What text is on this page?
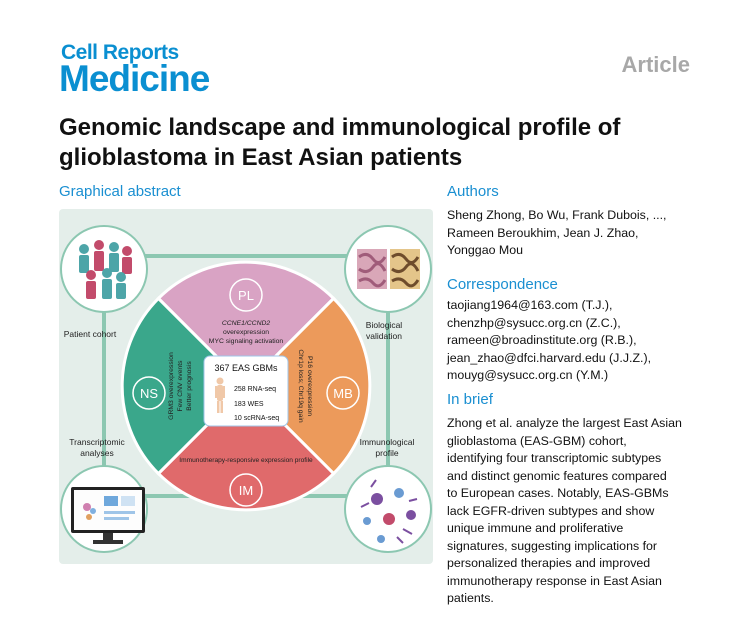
Cell Reports
Medicine	Article
Genomic landscape and immunological profile of glioblastoma in East Asian patients
Graphical abstract
Patient cohort
Biological
validation
Transcriptomic
analyses
Immunological
profile
PL
MB
IM
NS
CCNE1/CCND2
overexpression
MYC signaling activation
P16 overexpression
Chr1p loss; Chr19q gain
Immunotherapy-responsive expression profile
GRM3 overexpression Few CNV events Better prognosis 367 EAS GBMs
258 RNA-seq
183 WES
10 scRNA-seq
Authors
Sheng Zhong, Bo Wu, Frank Dubois, ...,
Rameen Beroukhim, Jean J. Zhao,
Yonggao Mou
Correspondence
taojiang1964@163.com (T.J.),
chenzhp@sysucc.org.cn (Z.C.),
rameen@broadinstitute.org (R.B.),
jean_zhao@dfci.harvard.edu (J.J.Z.),
mouyg@sysucc.org.cn (Y.M.)
In brief
Zhong et al. analyze the largest East Asian
glioblastoma (EAS-GBM) cohort,
identifying four transcriptomic subtypes
and distinct genomic features compared
to European cases. Notably, EAS-GBMs
lack EGFR-driven subtypes and show
unique immune and proliferative
signatures, suggesting implications for
personalized therapies and improved
immunotherapy response in East Asian
patients.
